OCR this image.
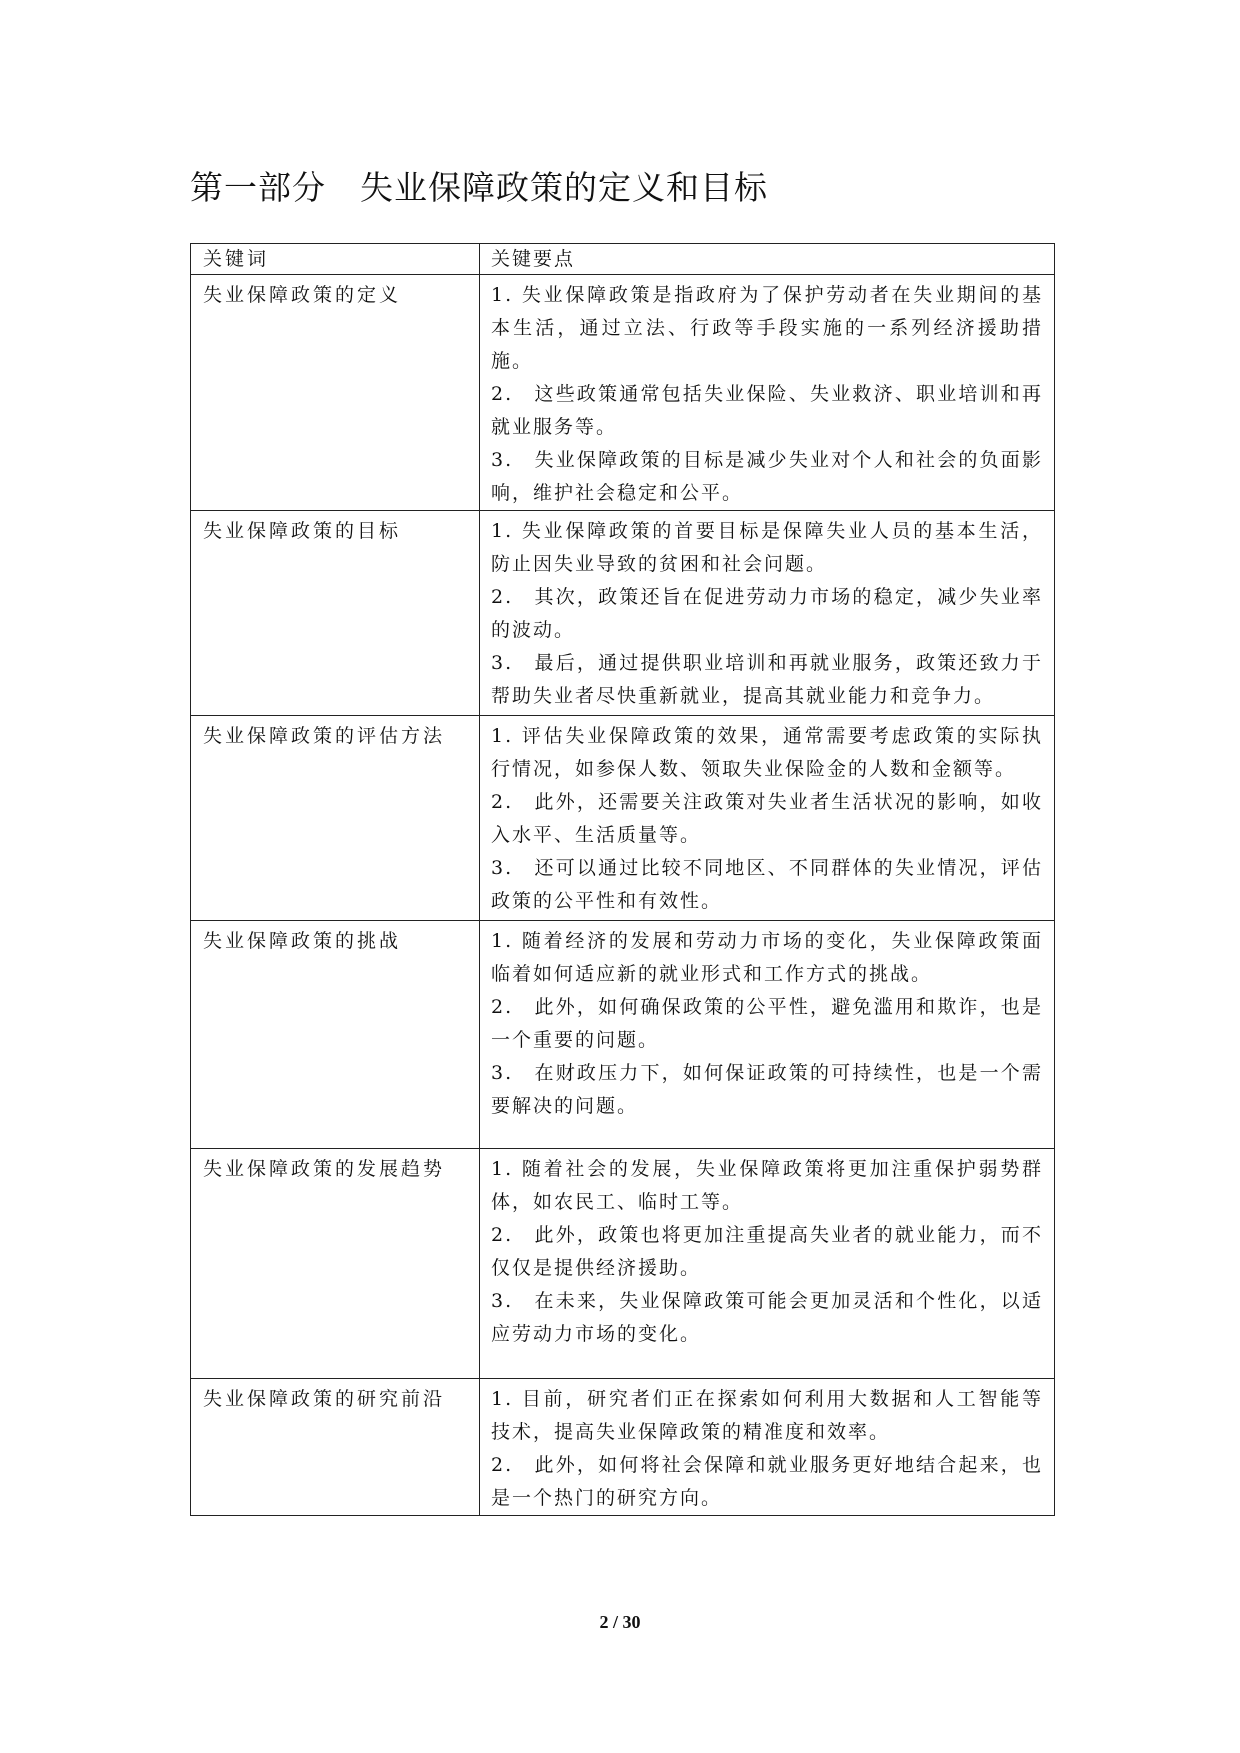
第一部分　失业保障政策的定义和目标
关键词	关键要点
失业保障政策的定义	1. 失业保障政策是指政府为了保护劳动者在失业期间的基本生活，通过立法、行政等手段实施的一系列经济援助措施。

2.　这些政策通常包括失业保险、失业救济、职业培训和再就业服务等。

3.　失业保障政策的目标是减少失业对个人和社会的负面影响，维护社会稳定和公平。

失业保障政策的目标	1. 失业保障政策的首要目标是保障失业人员的基本生活，防止因失业导致的贫困和社会问题。

2.　其次，政策还旨在促进劳动力市场的稳定，减少失业率的波动。

3.　最后，通过提供职业培训和再就业服务，政策还致力于帮助失业者尽快重新就业，提高其就业能力和竞争力。

失业保障政策的评估方法	1. 评估失业保障政策的效果，通常需要考虑政策的实际执行情况，如参保人数、领取失业保险金的人数和金额等。

2.　此外，还需要关注政策对失业者生活状况的影响，如收入水平、生活质量等。

3.　还可以通过比较不同地区、不同群体的失业情况，评估政策的公平性和有效性。

失业保障政策的挑战	1. 随着经济的发展和劳动力市场的变化，失业保障政策面临着如何适应新的就业形式和工作方式的挑战。

2.　此外，如何确保政策的公平性，避免滥用和欺诈，也是一个重要的问题。

3.　在财政压力下，如何保证政策的可持续性，也是一个需要解决的问题。

失业保障政策的发展趋势	1. 随着社会的发展，失业保障政策将更加注重保护弱势群体，如农民工、临时工等。

2.　此外，政策也将更加注重提高失业者的就业能力，而不仅仅是提供经济援助。

3.　在未来，失业保障政策可能会更加灵活和个性化，以适应劳动力市场的变化。

失业保障政策的研究前沿	1. 目前，研究者们正在探索如何利用大数据和人工智能等技术，提高失业保障政策的精准度和效率。

2.　此外，如何将社会保障和就业服务更好地结合起来，也是一个热门的研究方向。

2 / 30
